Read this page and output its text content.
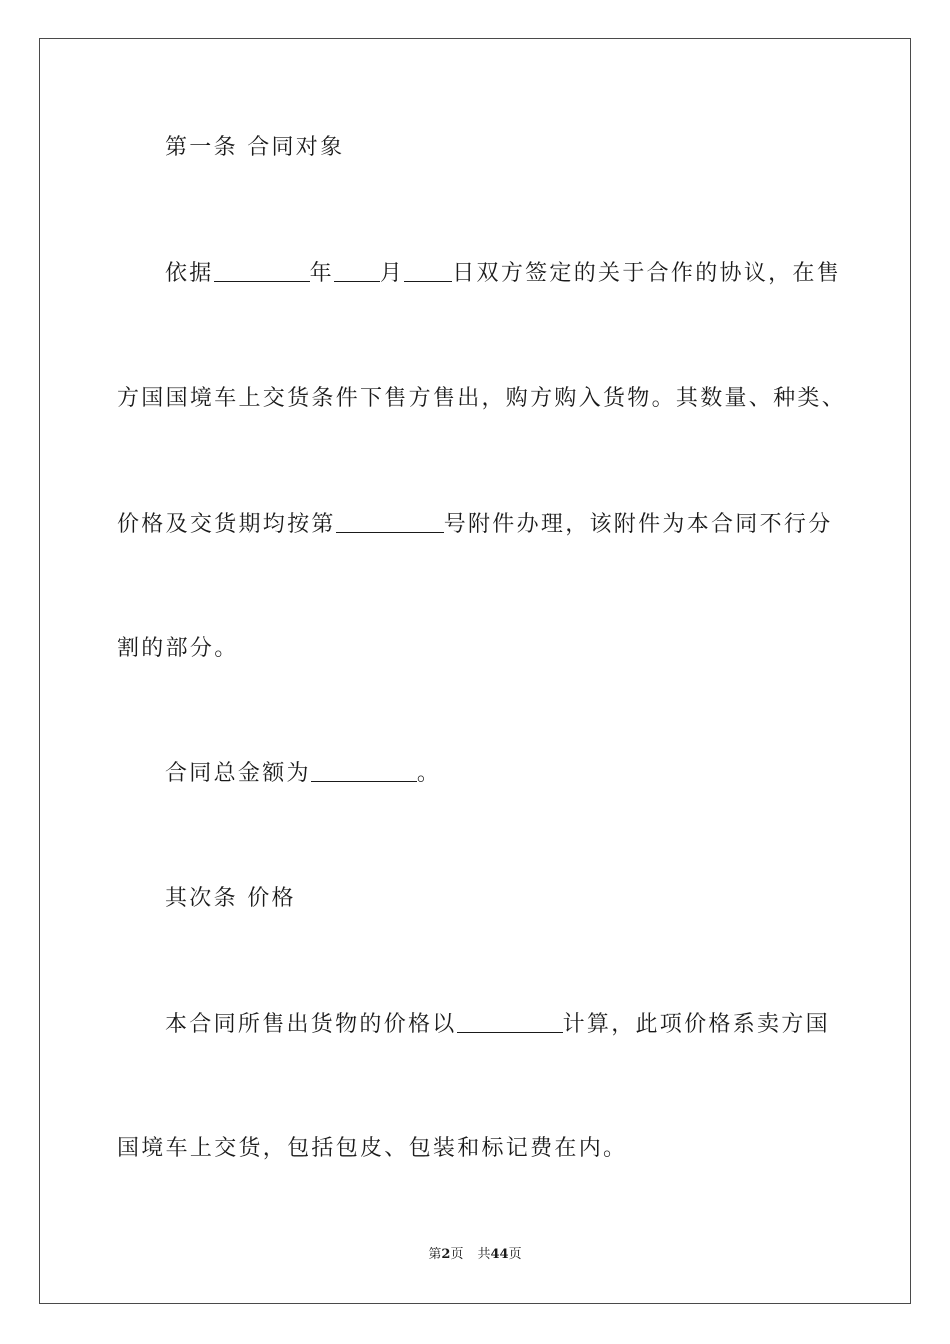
第一条 合同对象
依据	年 月 日双方签定的关于合作的协议，在售
方国国境车上交货条件下售方售出，购方购入货物。其数量、种类、
价格及交货期均按第	号附件办理，该附件为本合同不行分
割的部分。
合同总金额为	。
其次条 价格
本合同所售出货物的价格以	计算，此项价格系卖方国
国境车上交货，包括包皮、包装和标记费在内。
第2页 共44页
